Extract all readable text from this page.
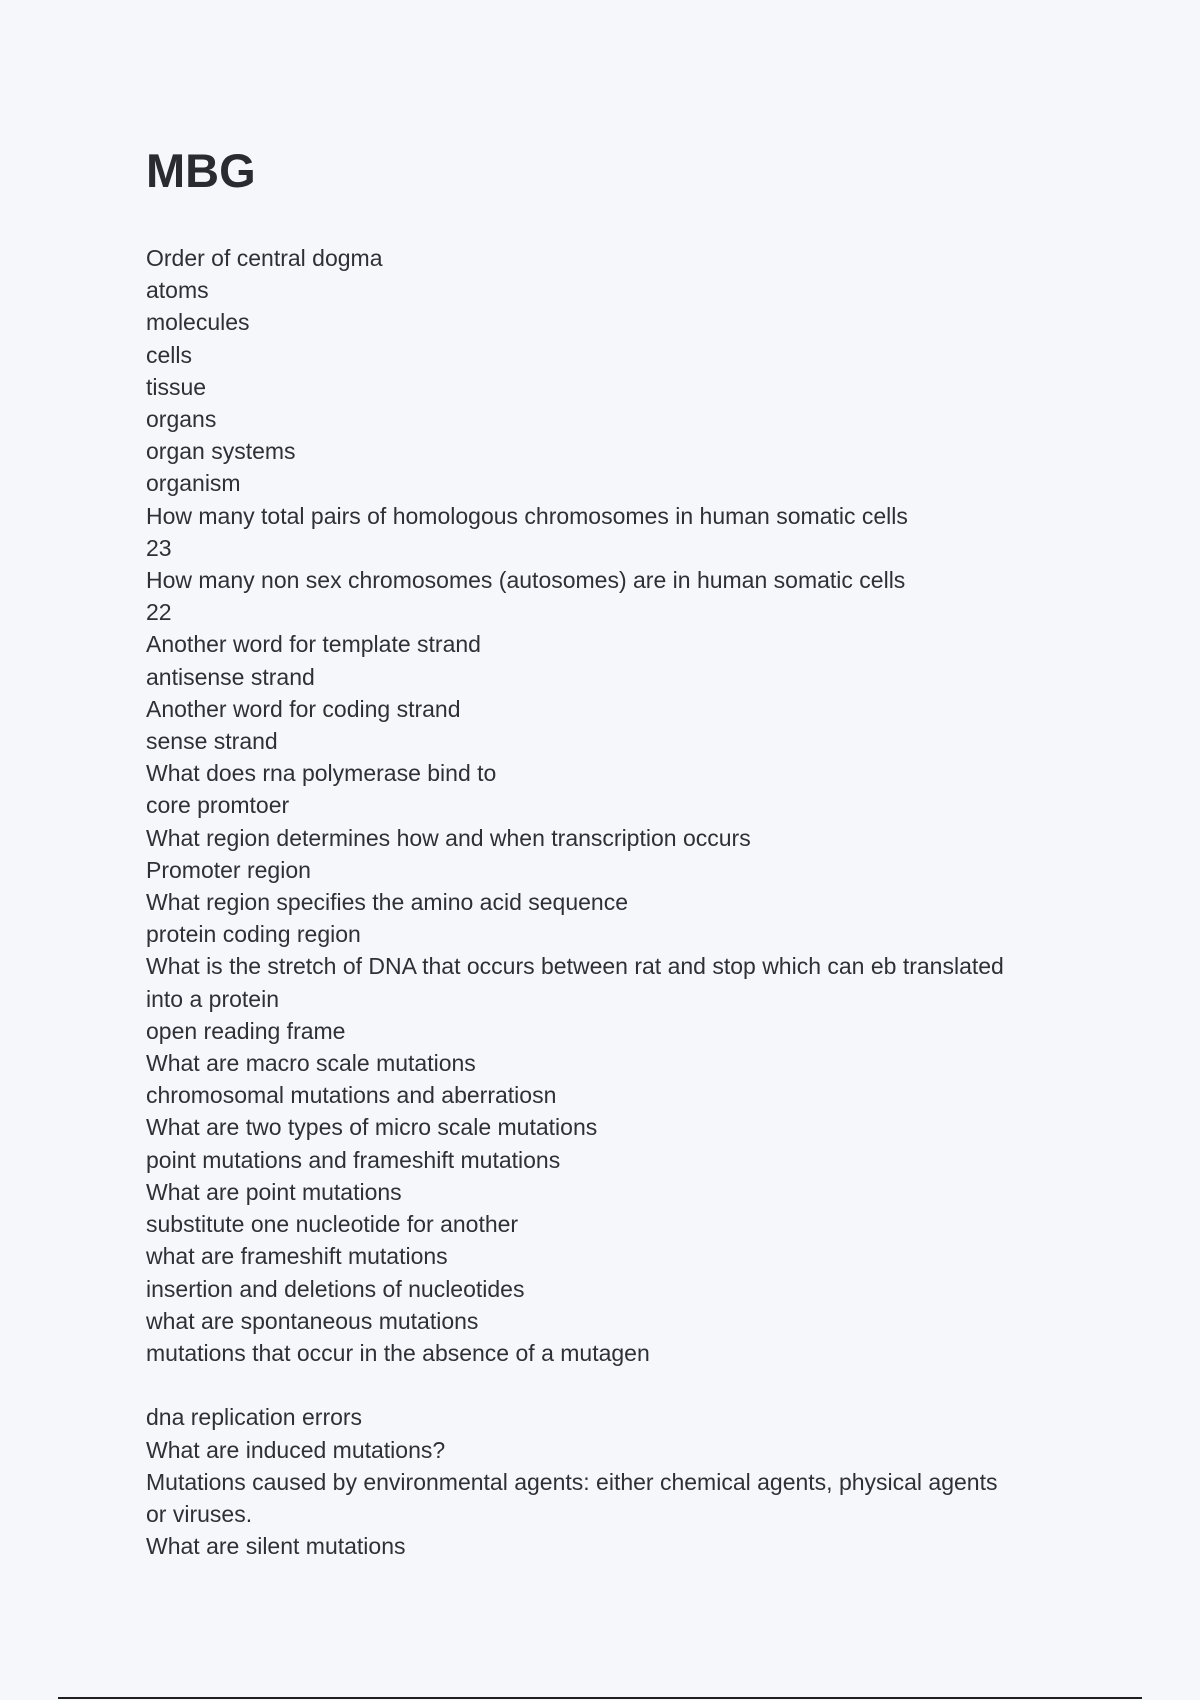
MBG
Order of central dogma
atoms
molecules
cells
tissue
organs
organ systems
organism
How many total pairs of homologous chromosomes in human somatic cells
23
How many non sex chromosomes (autosomes) are in human somatic cells
22
Another word for template strand
antisense strand
Another word for coding strand
sense strand
What does rna polymerase bind to
core promtoer
What region determines how and when transcription occurs
Promoter region
What region specifies the amino acid sequence
protein coding region
What is the stretch of DNA that occurs between rat and stop which can eb translated
into a protein
open reading frame
What are macro scale mutations
chromosomal mutations and aberratiosn
What are two types of micro scale mutations
point mutations and frameshift mutations
What are point mutations
substitute one nucleotide for another
what are frameshift mutations
insertion and deletions of nucleotides
what are spontaneous mutations
mutations that occur in the absence of a mutagen
dna replication errors
What are induced mutations?
Mutations caused by environmental agents: either chemical agents, physical agents
or viruses.
What are silent mutations
